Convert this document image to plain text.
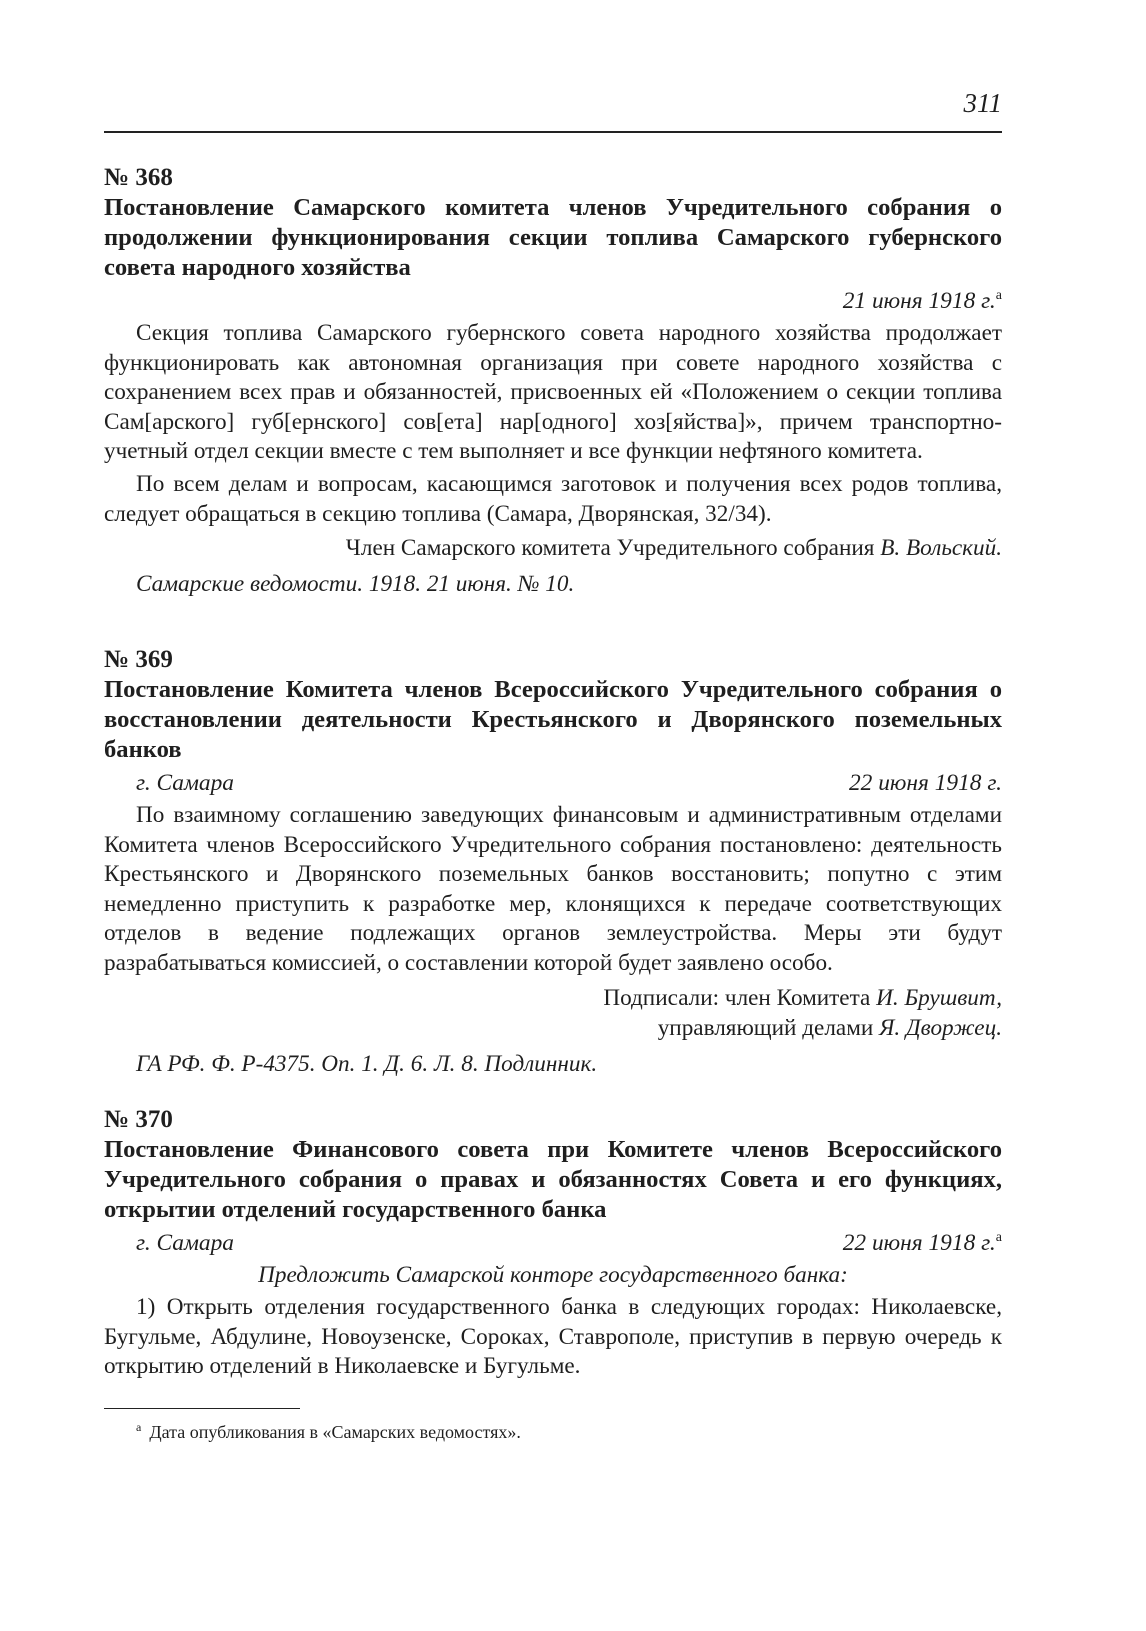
311

№ 368

Постановление Самарского комитета членов Учредительного собрания о продолжении функционирования секции топлива Самарского губернского совета народного хозяйства

21 июня 1918 г.$^а$

Секция топлива Самарского губернского совета народного хозяйства продолжает функционировать как автономная организация при совете народного хозяйства с сохранением всех прав и обязанностей, присвоенных ей «Положением о секции топлива Сам[арского] губ[ернского] сов[ета] нар[одного] хоз[яйства]», причем транспортно-учетный отдел секции вместе с тем выполняет и все функции нефтяного комитета.

По всем делам и вопросам, касающимся заготовок и получения всех родов топлива, следует обращаться в секцию топлива (Самара, Дворянская, 32/34).

Член Самарского комитета Учредительного собрания В. Вольский.
Самарские ведомости. 1918. 21 июня. № 10.

№ 369

Постановление Комитета членов Всероссийского Учредительного собрания о восстановлении деятельности Крестьянского и Дворянского поземельных банков

г. Самара	22 июня 1918 г.

По взаимному соглашению заведующих финансовым и административным отделами Комитета членов Всероссийского Учредительного собрания постановлено: деятельность Крестьянского и Дворянского поземельных банков восстановить; попутно с этим немедленно приступить к разработке мер, клонящихся к передаче соответствующих отделов в ведение подлежащих органов землеустройства. Меры эти будут разрабатываться комиссией, о составлении которой будет заявлено особо.

Подписали: член Комитета И. Брушвит,
управляющий делами Я. Дворжец.
ГА РФ. Ф. Р-4375. Оп. 1. Д. 6. Л. 8. Подлинник.

№ 370

Постановление Финансового совета при Комитете членов Всероссийского Учредительного собрания о правах и обязанностях Совета и его функциях, открытии отделений государственного банка

г. Самара	22 июня 1918 г.$^а$
Предложить Самарской конторе государственного банка:

1) Открыть отделения государственного банка в следующих городах: Николаевске, Бугульме, Абдулине, Новоузенске, Сороках, Ставрополе, приступив в первую очередь к открытию отделений в Николаевске и Бугульме.

$^а$ Дата опубликования в «Самарских ведомостях».
